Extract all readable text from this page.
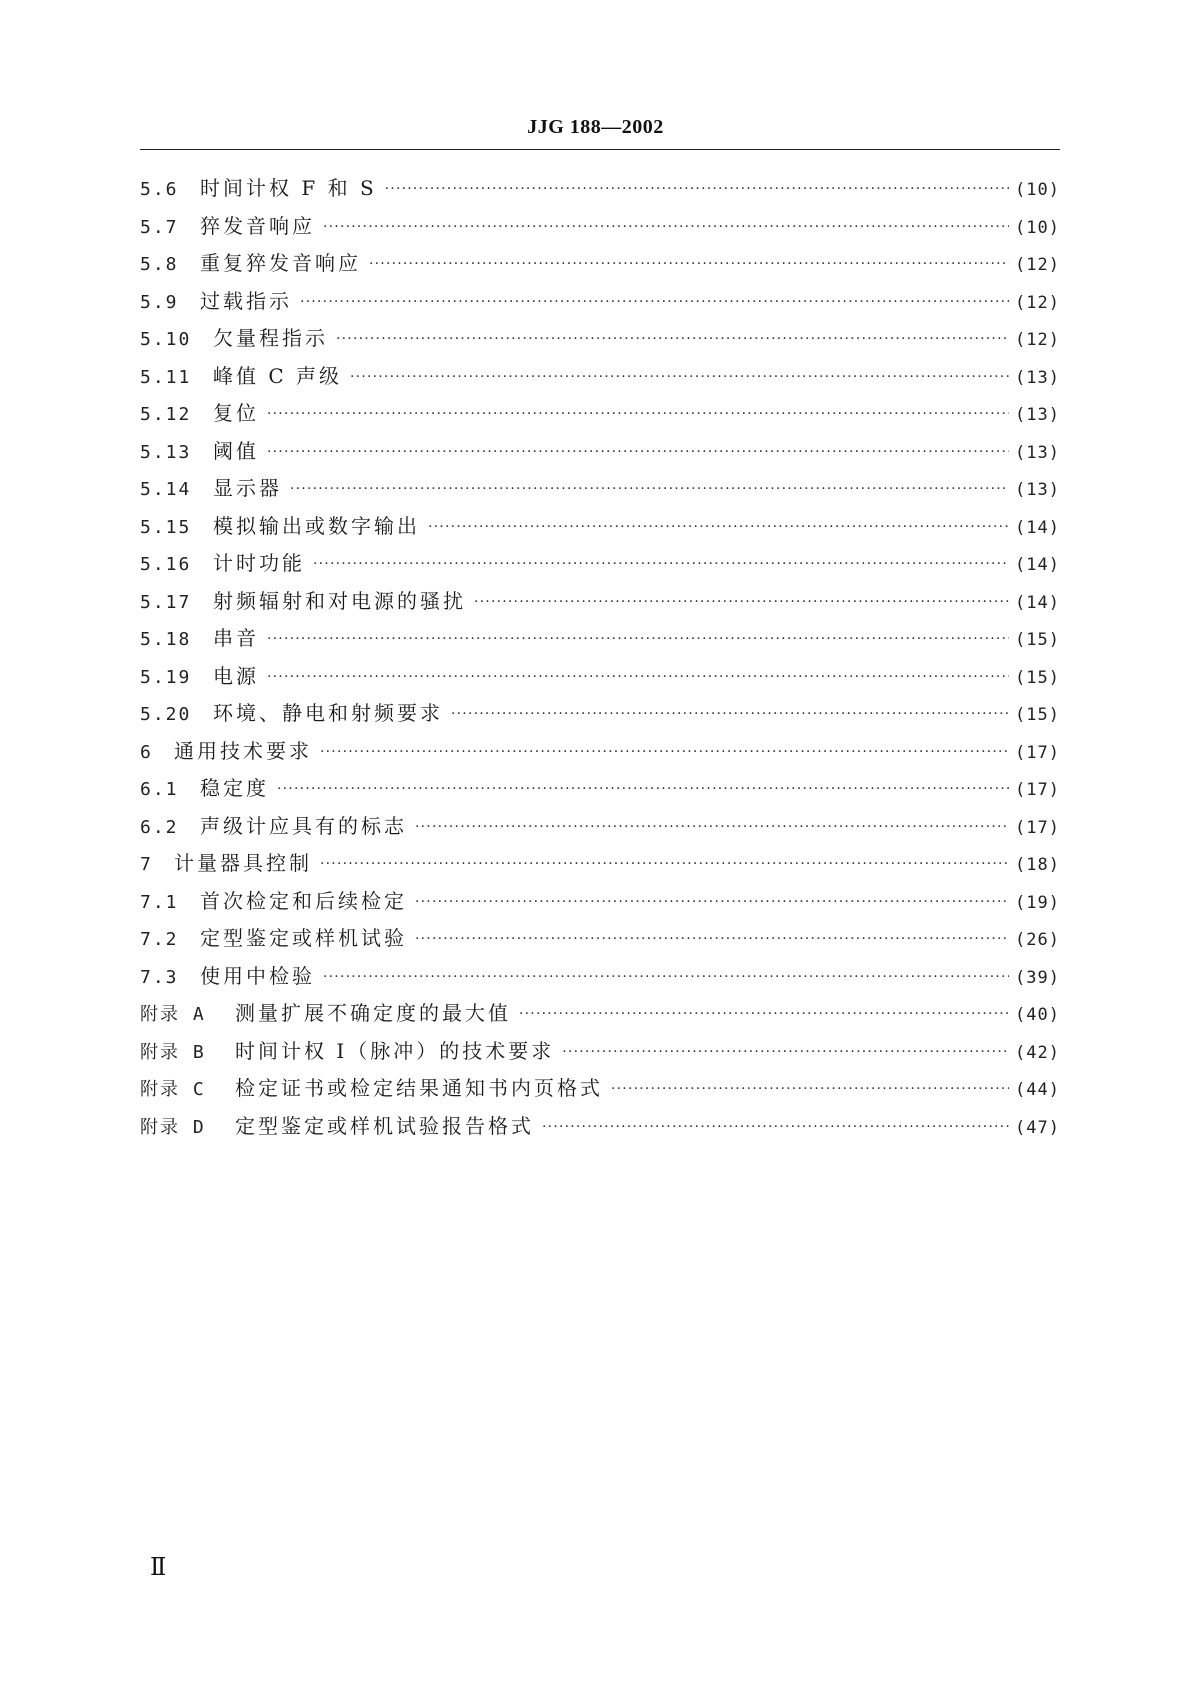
JJG 188—2002
5.6	时间计权 F 和 S ·····	(10)
5.7	猝发音响应 ·····	(10)
5.8	重复猝发音响应 ·····	(12)
5.9	过载指示 ·····	(12)
5.10	欠量程指示 ·····	(12)
5.11	峰值 C 声级 ·····	(13)
5.12	复位 ·····	(13)
5.13	阈值 ·····	(13)
5.14	显示器 ·····	(13)
5.15	模拟输出或数字输出 ·····	(14)
5.16	计时功能 ·····	(14)
5.17	射频辐射和对电源的骚扰 ·····	(14)
5.18	串音 ·····	(15)
5.19	电源 ·····	(15)
5.20	环境、静电和射频要求 ·····	(15)
6	通用技术要求 ·····	(17)
6.1	稳定度 ·····	(17)
6.2	声级计应具有的标志 ·····	(17)
7	计量器具控制 ·····	(18)
7.1	首次检定和后续检定 ·····	(19)
7.2	定型鉴定或样机试验 ·····	(26)
7.3	使用中检验 ·····	(39)
附录 A	测量扩展不确定度的最大值 ·····	(40)
附录 B	时间计权 I（脉冲）的技术要求 ·····	(42)
附录 C	检定证书或检定结果通知书内页格式 ·····	(44)
附录 D	定型鉴定或样机试验报告格式 ·····	(47)
Ⅱ
